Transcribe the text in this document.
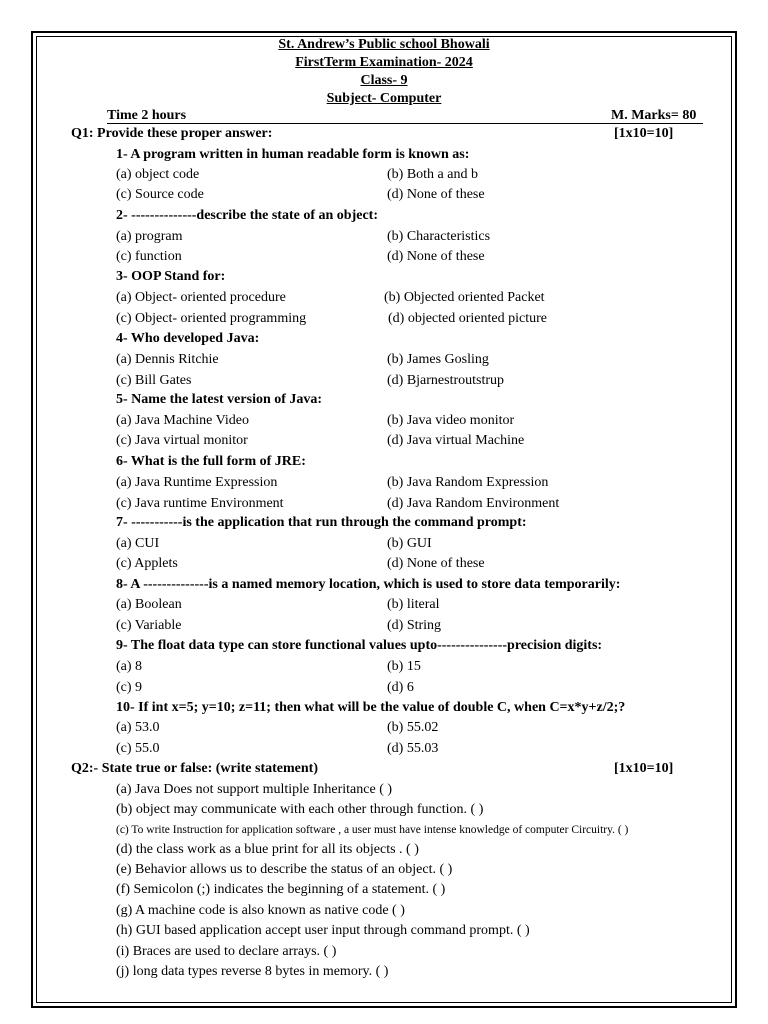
St. Andrew’s Public school Bhowali
FirstTerm Examination- 2024
Class- 9
Subject- Computer
Time 2 hours	M. Marks= 80
Q1: Provide these proper answer:	[1x10=10]
1- A program written in human readable form is known as:
(a) object code	(b) Both a and b
(c) Source code	(d) None of these
2- --------------describe the state of an object:
(a) program	(b) Characteristics
(c) function	(d) None of these
3- OOP Stand for:
(a) Object- oriented procedure	(b) Objected oriented Packet
(c) Object- oriented programming	(d) objected oriented picture
4- Who developed Java:
(a) Dennis Ritchie	(b) James Gosling
(c) Bill Gates	(d) Bjarnestroutstrup
5- Name the latest version of Java:
(a) Java Machine Video	(b) Java video monitor
(c) Java virtual monitor	(d) Java virtual Machine
6- What is the full form of JRE:
(a) Java Runtime Expression	(b) Java Random Expression
(c) Java runtime Environment	(d) Java Random Environment
7- -----------is the application that run through the command prompt:
(a) CUI	(b) GUI
(c) Applets	(d) None of these
8- A --------------is a named memory location, which is used to store data temporarily:
(a) Boolean	(b) literal
(c) Variable	(d) String
9- The float data type can store functional values upto---------------precision digits:
(a) 8	(b) 15
(c) 9	(d) 6
10- If int x=5; y=10; z=11; then what will be the value of double C, when C=x*y+z/2;?
(a) 53.0	(b) 55.02
(c) 55.0	(d) 55.03
Q2:- State true or false: (write statement)	[1x10=10]
(a) Java Does not support multiple Inheritance ( )
(b) object may communicate with each other through function. ( )
(c) To write Instruction for application software , a user must have intense knowledge of computer Circuitry. ( )
(d) the class work as a blue print for all its objects . ( )
(e) Behavior allows us to describe the status of an object. ( )
(f) Semicolon (;) indicates the beginning of a statement. ( )
(g) A machine code is also known as native code ( )
(h) GUI based application accept user input through command prompt. ( )
(i) Braces are used to declare arrays. ( )
(j) long data types reverse 8 bytes in memory. ( )
